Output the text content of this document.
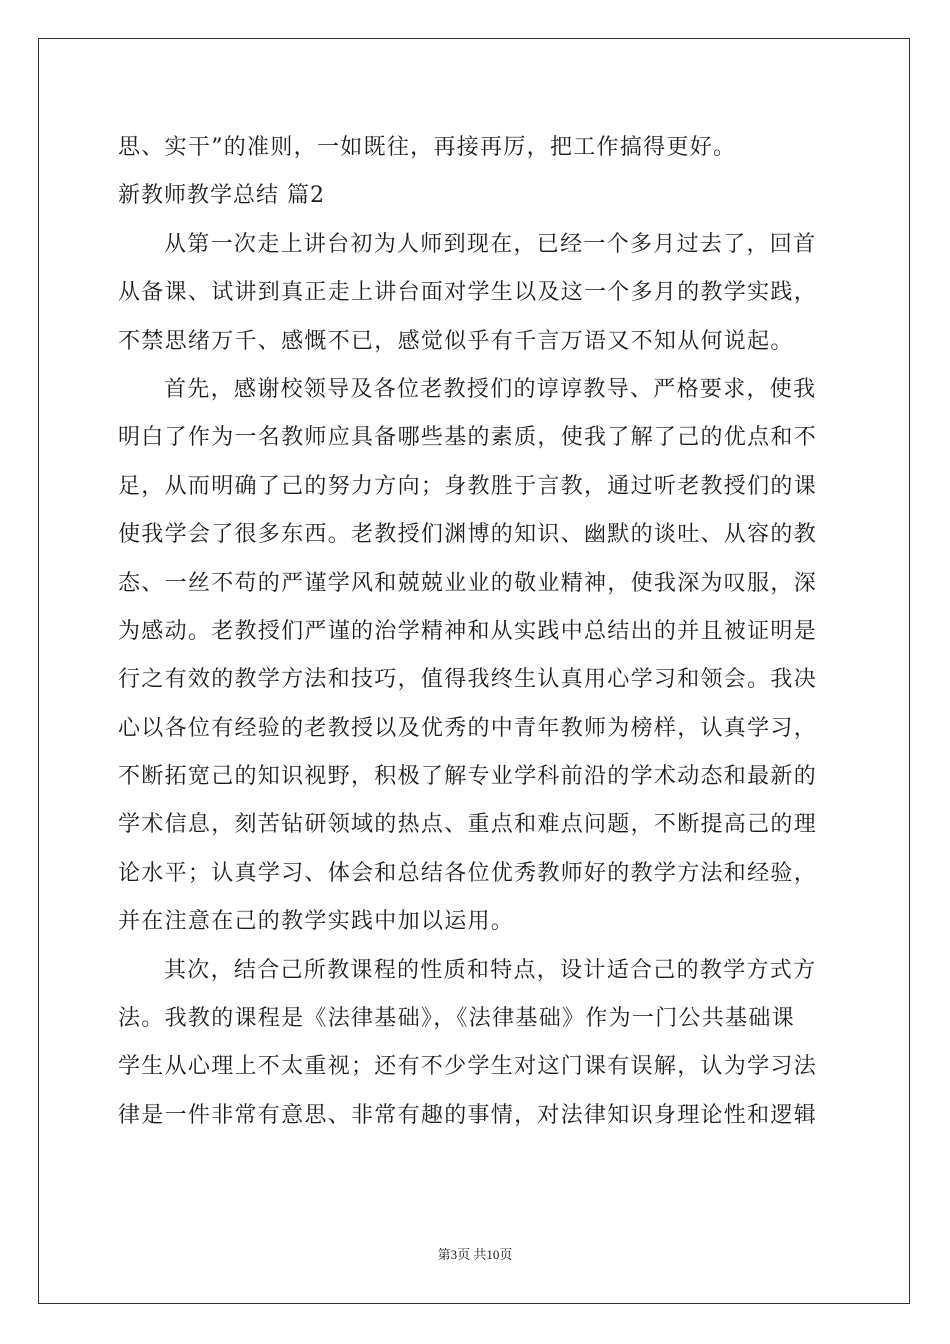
思、实干”的准则，一如既往，再接再厉，把工作搞得更好。
新教师教学总结 篇2
从第一次走上讲台初为人师到现在，已经一个多月过去了，回首
从备课、试讲到真正走上讲台面对学生以及这一个多月的教学实践，
不禁思绪万千、感慨不已，感觉似乎有千言万语又不知从何说起。
首先，感谢校领导及各位老教授们的谆谆教导、严格要求，使我
明白了作为一名教师应具备哪些基的素质，使我了解了己的优点和不
足，从而明确了己的努力方向；身教胜于言教，通过听老教授们的课
使我学会了很多东西。老教授们渊博的知识、幽默的谈吐、从容的教
态、一丝不苟的严谨学风和兢兢业业的敬业精神，使我深为叹服，深
为感动。老教授们严谨的治学精神和从实践中总结出的并且被证明是
行之有效的教学方法和技巧，值得我终生认真用心学习和领会。我决
心以各位有经验的老教授以及优秀的中青年教师为榜样，认真学习，
不断拓宽己的知识视野，积极了解专业学科前沿的学术动态和最新的
学术信息，刻苦钻研领域的热点、重点和难点问题，不断提高己的理
论水平；认真学习、体会和总结各位优秀教师好的教学方法和经验，
并在注意在己的教学实践中加以运用。
其次，结合己所教课程的性质和特点，设计适合己的教学方式方
法。我教的课程是《法律基础》，《法律基础》作为一门公共基础课
学生从心理上不太重视；还有不少学生对这门课有误解，认为学习法
律是一件非常有意思、非常有趣的事情，对法律知识身理论性和逻辑
第3页 共10页
